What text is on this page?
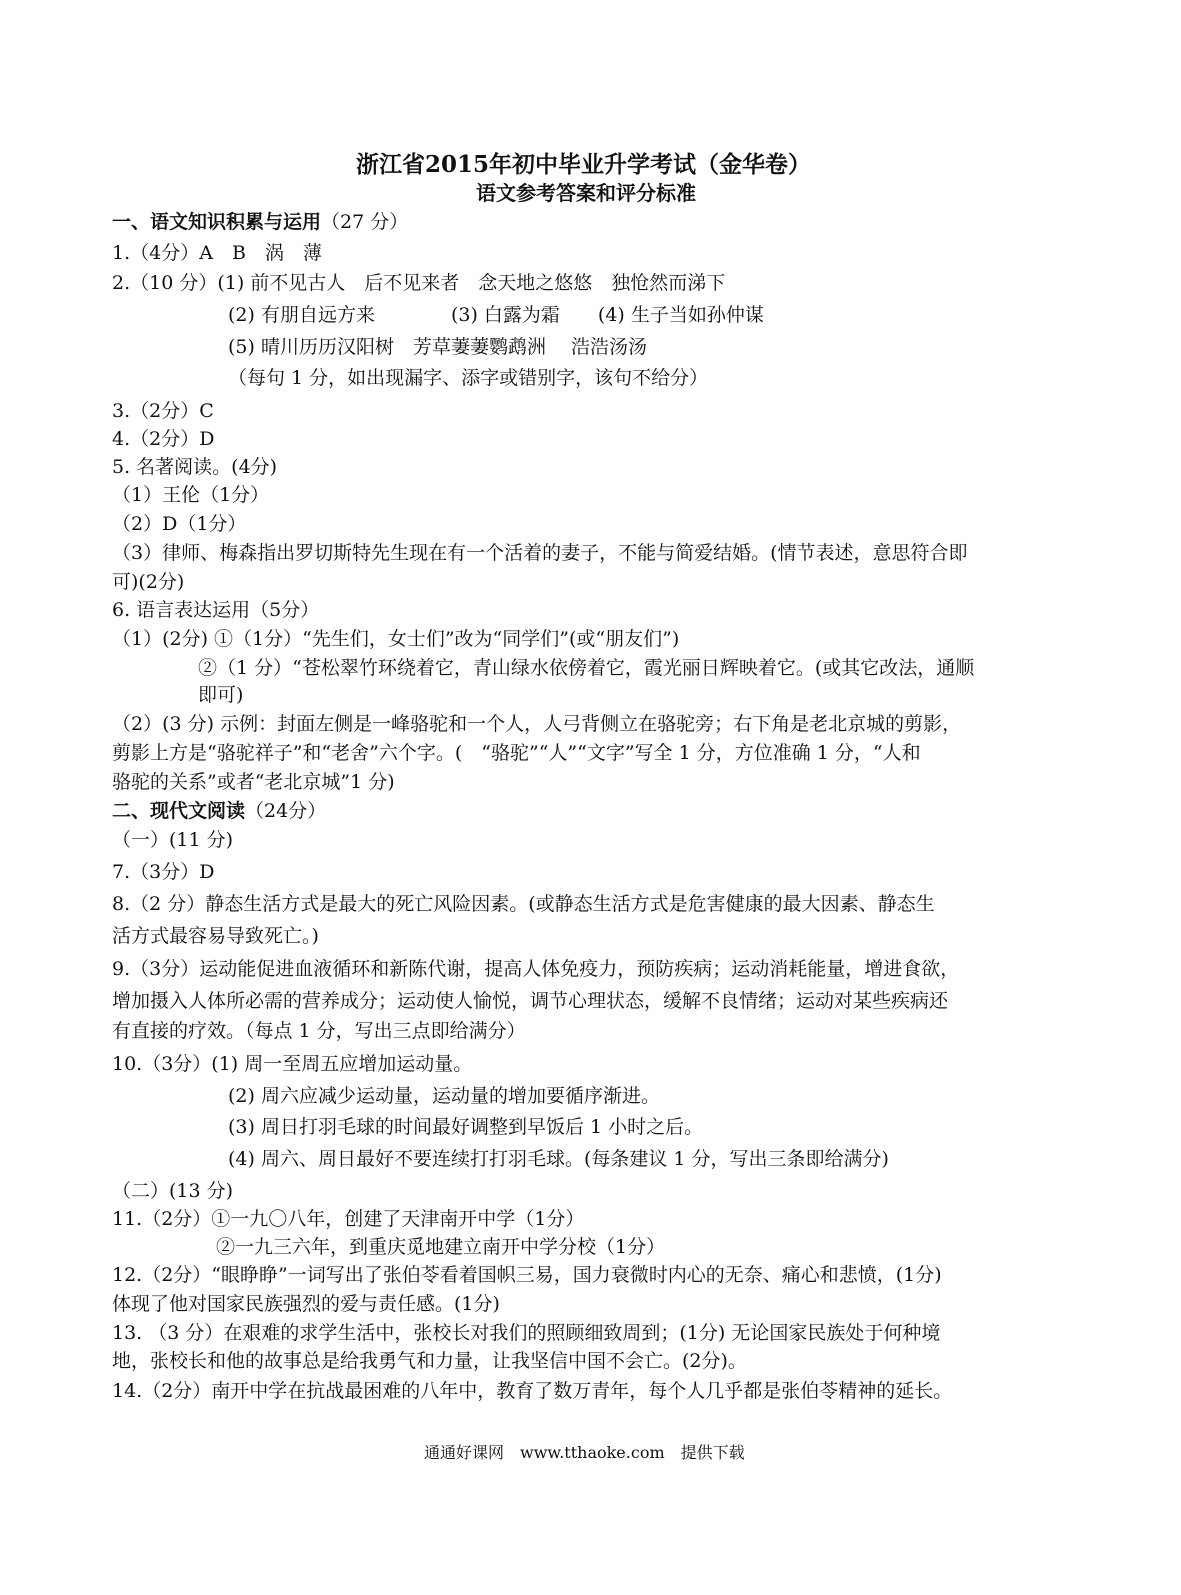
浙江省2015年初中毕业升学考试（金华卷）
语文参考答案和评分标准
一、语文知识积累与运用（27 分）
1.（4分）A　B　涡　薄
2.（10 分）(1) 前不见古人　后不见来者　念天地之悠悠　独怆然而涕下
(2) 有朋自远方来　　　　(3) 白露为霜　　(4) 生子当如孙仲谋
(5) 晴川历历汉阳树　芳草萋萋鹦鹉洲　 浩浩汤汤
（每句 1 分，如出现漏字、添字或错别字，该句不给分）
3.（2分）C
4.（2分）D
5. 名著阅读。(4分)
（1）王伦（1分）
（2）D（1分）
（3）律师、梅森指出罗切斯特先生现在有一个活着的妻子，不能与简爱结婚。(情节表述，意思符合即
可)(2分)
6. 语言表达运用（5分）
（1）(2分) ①（1分）“先生们，女士们”改为“同学们”(或“朋友们”)
②（1 分）“苍松翠竹环绕着它，青山绿水依傍着它，霞光丽日辉映着它。(或其它改法，通顺
即可)
（2）(3 分) 示例：封面左侧是一峰骆驼和一个人，人弓背侧立在骆驼旁；右下角是老北京城的剪影，
剪影上方是“骆驼祥子”和“老舍”六个字。(　“骆驼”“人”“文字”写全 1 分，方位准确 1 分，“人和
骆驼的关系”或者“老北京城”1 分)
二、现代文阅读（24分）
（一）(11 分)
7.（3分）D
8.（2 分）静态生活方式是最大的死亡风险因素。(或静态生活方式是危害健康的最大因素、静态生
活方式最容易导致死亡。)
9.（3分）运动能促进血液循环和新陈代谢，提高人体免疫力，预防疾病；运动消耗能量，增进食欲，
增加摄入人体所必需的营养成分；运动使人愉悦，调节心理状态，缓解不良情绪；运动对某些疾病还
有直接的疗效。（每点 1 分，写出三点即给满分）
10.（3分）(1) 周一至周五应增加运动量。
(2) 周六应减少运动量，运动量的增加要循序渐进。
(3) 周日打羽毛球的时间最好调整到早饭后 1 小时之后。
(4) 周六、周日最好不要连续打打羽毛球。(每条建议 1 分，写出三条即给满分)
（二）(13 分)
11.（2分）①一九〇八年，创建了天津南开中学（1分）
②一九三六年，到重庆觅地建立南开中学分校（1分）
12.（2分）“眼睁睁”一词写出了张伯苓看着国帜三易，国力衰微时内心的无奈、痛心和悲愤，(1分)
体现了他对国家民族强烈的爱与责任感。(1分)
13. （3 分）在艰难的求学生活中，张校长对我们的照顾细致周到；(1分) 无论国家民族处于何种境
地，张校长和他的故事总是给我勇气和力量，让我坚信中国不会亡。(2分)。
14.（2分）南开中学在抗战最困难的八年中，教育了数万青年，每个人几乎都是张伯苓精神的延长。
通通好课网　www.tthaoke.com　提供下载
